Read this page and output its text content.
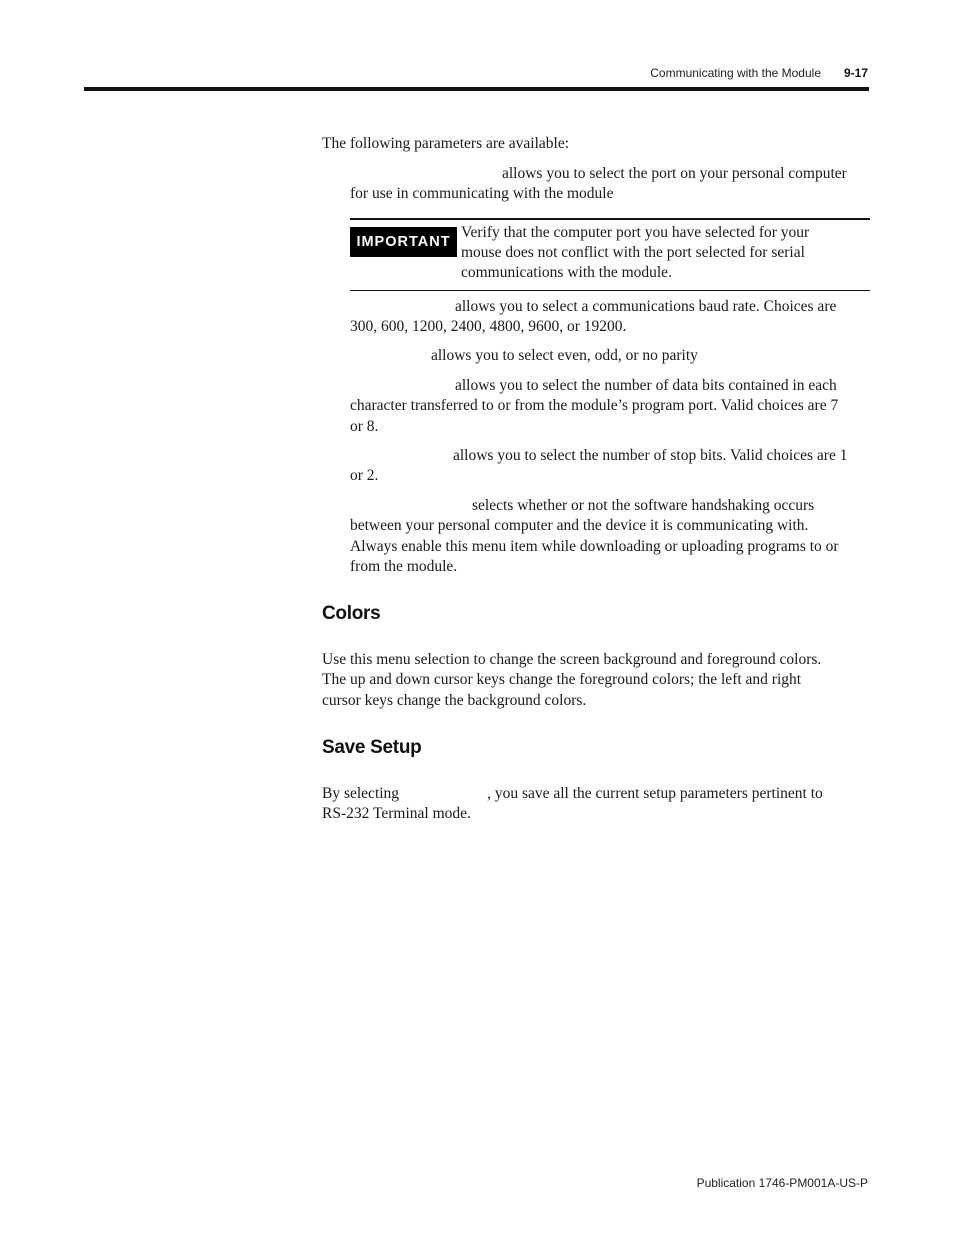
Communicating with the Module 9-17

The following parameters are available:

allows you to select the port on your personal computer
for use in communicating with the module

IMPORTANT

Verify that the computer port you have selected for your
mouse does not conflict with the port selected for serial
communications with the module.

allows you to select a communications baud rate. Choices are
300, 600, 1200, 2400, 4800, 9600, or 19200.

allows you to select even, odd, or no parity

allows you to select the number of data bits contained in each
character transferred to or from the module’s program port. Valid choices are 7
or 8.

allows you to select the number of stop bits. Valid choices are 1
or 2.

selects whether or not the software handshaking occurs
between your personal computer and the device it is communicating with.
Always enable this menu item while downloading or uploading programs to or
from the module.

Colors

Use this menu selection to change the screen background and foreground colors.
The up and down cursor keys change the foreground colors; the left and right
cursor keys change the background colors.

Save Setup

By selecting	, you save all the current setup parameters pertinent to
RS-232 Terminal mode.

Publication 1746-PM001A-US-P
